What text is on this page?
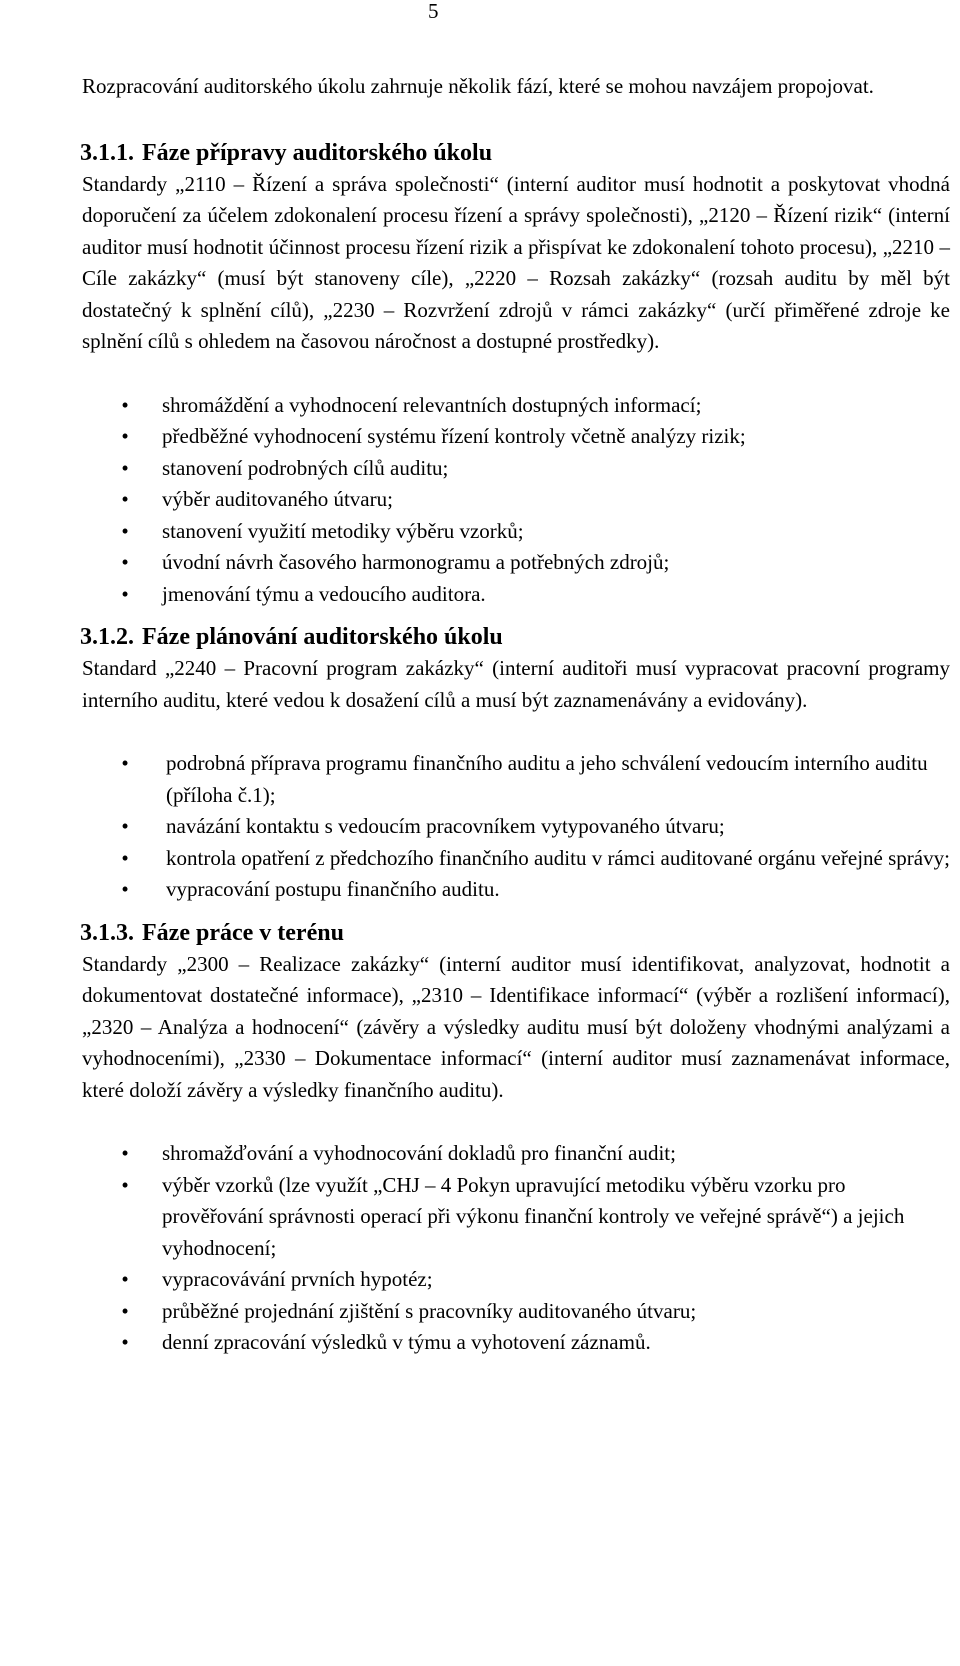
5

Rozpracování auditorského úkolu zahrnuje několik fází, které se mohou navzájem propojovat.

3.1.1. Fáze přípravy auditorského úkolu

Standardy „2110 – Řízení a správa společnosti“ (interní auditor musí hodnotit a poskytovat vhodná doporučení za účelem zdokonalení procesu řízení a správy společnosti), „2120 – Řízení rizik“ (interní auditor musí hodnotit účinnost procesu řízení rizik a přispívat ke zdokonalení tohoto procesu), „2210 – Cíle zakázky“ (musí být stanoveny cíle), „2220 – Rozsah zakázky“ (rozsah auditu by měl být dostatečný k splnění cílů), „2230 – Rozvržení zdrojů v rámci zakázky“ (určí přiměřené zdroje ke splnění cílů s ohledem na časovou náročnost a dostupné prostředky).

• shromáždění a vyhodnocení relevantních dostupných informací;
• předběžné vyhodnocení systému řízení kontroly včetně analýzy rizik;
• stanovení podrobných cílů auditu;
• výběr auditovaného útvaru;
• stanovení využití metodiky výběru vzorků;
• úvodní návrh časového harmonogramu a potřebných zdrojů;
• jmenování týmu a vedoucího auditora.
3.1.2. Fáze plánování auditorského úkolu

Standard „2240 – Pracovní program zakázky“ (interní auditoři musí vypracovat pracovní programy interního auditu, které vedou k dosažení cílů a musí být zaznamenávány a evidovány).

• podrobná příprava programu finančního auditu a jeho schválení vedoucím interního auditu (příloha č.1);
• navázání kontaktu s vedoucím pracovníkem vytypovaného útvaru;
• kontrola opatření z předchozího finančního auditu v rámci auditované orgánu veřejné správy;
• vypracování postupu finančního auditu.
3.1.3. Fáze práce v terénu

Standardy „2300 – Realizace zakázky“ (interní auditor musí identifikovat, analyzovat, hodnotit a dokumentovat dostatečné informace), „2310 – Identifikace informací“ (výběr a rozlišení informací), „2320 – Analýza a hodnocení“ (závěry a výsledky auditu musí být doloženy vhodnými analýzami a vyhodnoceními), „2330 – Dokumentace informací“ (interní auditor musí zaznamenávat informace, které doloží závěry a výsledky finančního auditu).

• shromažďování a vyhodnocování dokladů pro finanční audit;
• výběr vzorků (lze využít „CHJ – 4 Pokyn upravující metodiku výběru vzorku pro prověřování správnosti operací při výkonu finanční kontroly ve veřejné správě“) a jejich vyhodnocení;
• vypracovávání prvních hypotéz;
• průběžné projednání zjištění s pracovníky auditovaného útvaru;
• denní zpracování výsledků v týmu a vyhotovení záznamů.
